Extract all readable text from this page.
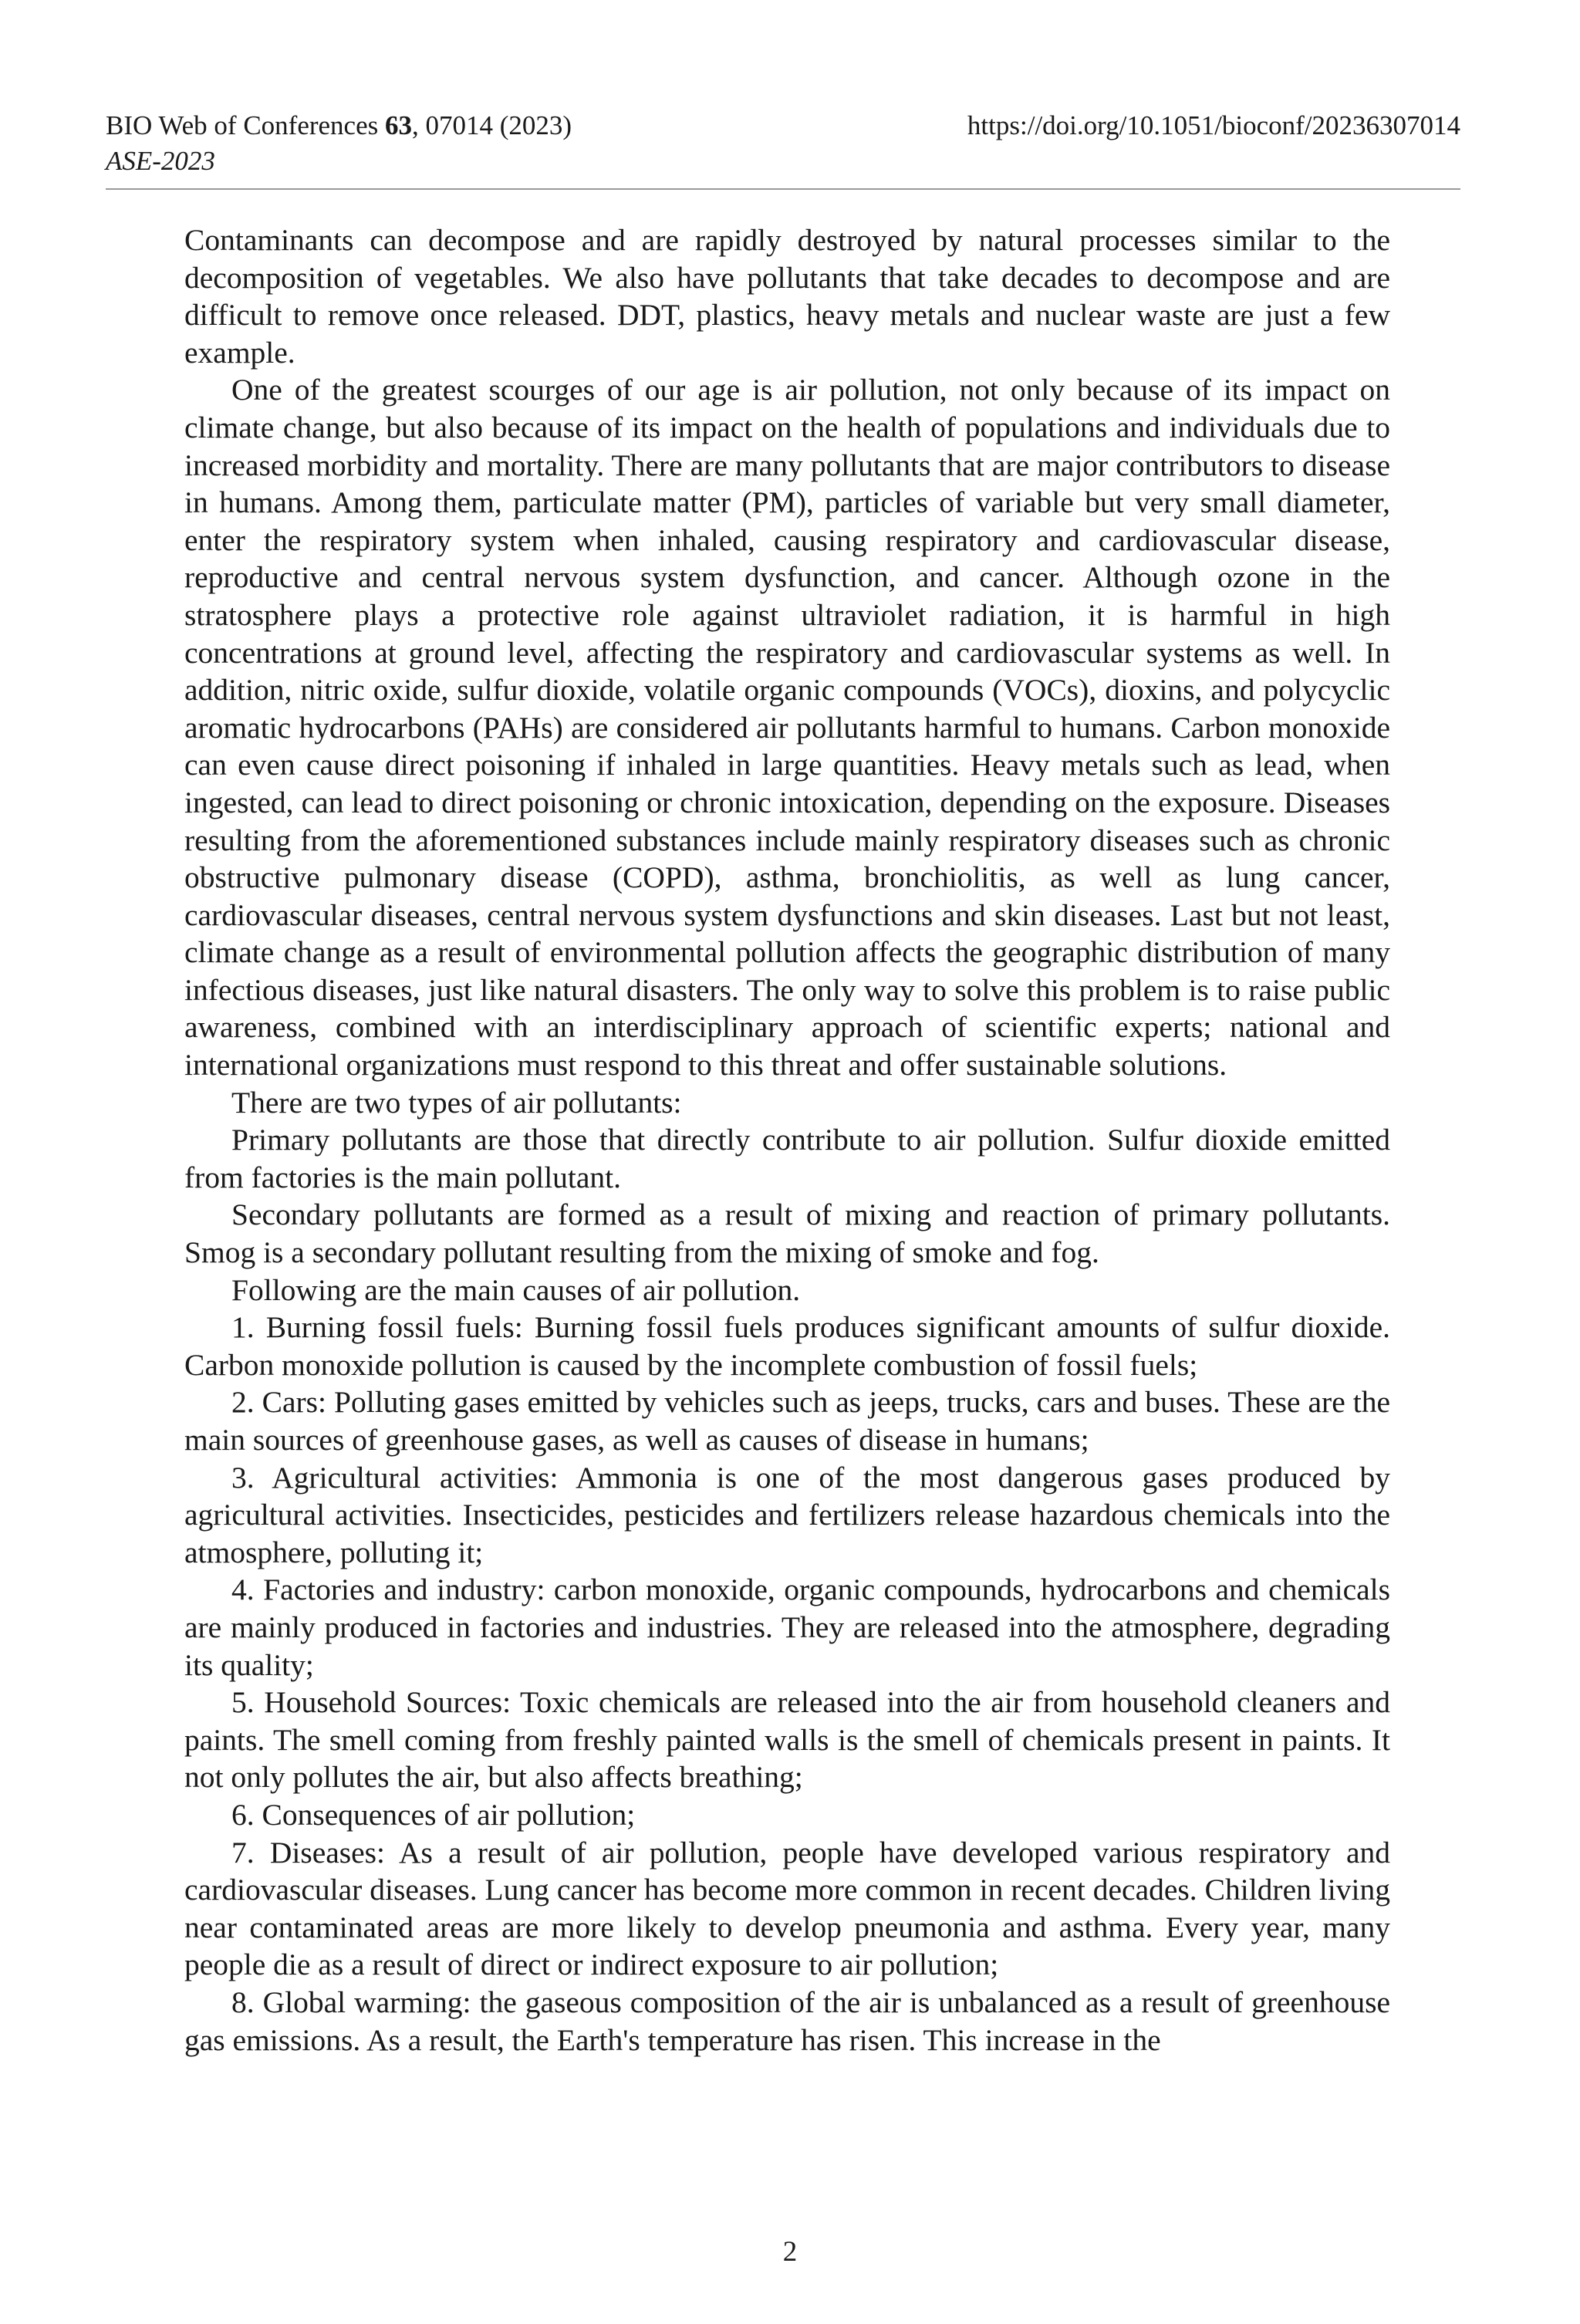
BIO Web of Conferences 63, 07014 (2023)
ASE-2023
https://doi.org/10.1051/bioconf/20236307014

Contaminants can decompose and are rapidly destroyed by natural processes similar to the decomposition of vegetables. We also have pollutants that take decades to decompose and are difficult to remove once released. DDT, plastics, heavy metals and nuclear waste are just a few example.

One of the greatest scourges of our age is air pollution, not only because of its impact on climate change, but also because of its impact on the health of populations and individuals due to increased morbidity and mortality. There are many pollutants that are major contributors to disease in humans. Among them, particulate matter (PM), particles of variable but very small diameter, enter the respiratory system when inhaled, causing respiratory and cardiovascular disease, reproductive and central nervous system dysfunction, and cancer. Although ozone in the stratosphere plays a protective role against ultraviolet radiation, it is harmful in high concentrations at ground level, affecting the respiratory and cardiovascular systems as well. In addition, nitric oxide, sulfur dioxide, volatile organic compounds (VOCs), dioxins, and polycyclic aromatic hydrocarbons (PAHs) are considered air pollutants harmful to humans. Carbon monoxide can even cause direct poisoning if inhaled in large quantities. Heavy metals such as lead, when ingested, can lead to direct poisoning or chronic intoxication, depending on the exposure. Diseases resulting from the aforementioned substances include mainly respiratory diseases such as chronic obstructive pulmonary disease (COPD), asthma, bronchiolitis, as well as lung cancer, cardiovascular diseases, central nervous system dysfunctions and skin diseases. Last but not least, climate change as a result of environmental pollution affects the geographic distribution of many infectious diseases, just like natural disasters. The only way to solve this problem is to raise public awareness, combined with an interdisciplinary approach of scientific experts; national and international organizations must respond to this threat and offer sustainable solutions.

There are two types of air pollutants:

Primary pollutants are those that directly contribute to air pollution. Sulfur dioxide emitted from factories is the main pollutant.

Secondary pollutants are formed as a result of mixing and reaction of primary pollutants. Smog is a secondary pollutant resulting from the mixing of smoke and fog.

Following are the main causes of air pollution.

1. Burning fossil fuels: Burning fossil fuels produces significant amounts of sulfur dioxide. Carbon monoxide pollution is caused by the incomplete combustion of fossil fuels;

2. Cars: Polluting gases emitted by vehicles such as jeeps, trucks, cars and buses. These are the main sources of greenhouse gases, as well as causes of disease in humans;

3. Agricultural activities: Ammonia is one of the most dangerous gases produced by agricultural activities. Insecticides, pesticides and fertilizers release hazardous chemicals into the atmosphere, polluting it;

4. Factories and industry: carbon monoxide, organic compounds, hydrocarbons and chemicals are mainly produced in factories and industries. They are released into the atmosphere, degrading its quality;

5. Household Sources: Toxic chemicals are released into the air from household cleaners and paints. The smell coming from freshly painted walls is the smell of chemicals present in paints. It not only pollutes the air, but also affects breathing;

6. Consequences of air pollution;

7. Diseases: As a result of air pollution, people have developed various respiratory and cardiovascular diseases. Lung cancer has become more common in recent decades. Children living near contaminated areas are more likely to develop pneumonia and asthma. Every year, many people die as a result of direct or indirect exposure to air pollution;

8. Global warming: the gaseous composition of the air is unbalanced as a result of greenhouse gas emissions. As a result, the Earth's temperature has risen. This increase in the

2
